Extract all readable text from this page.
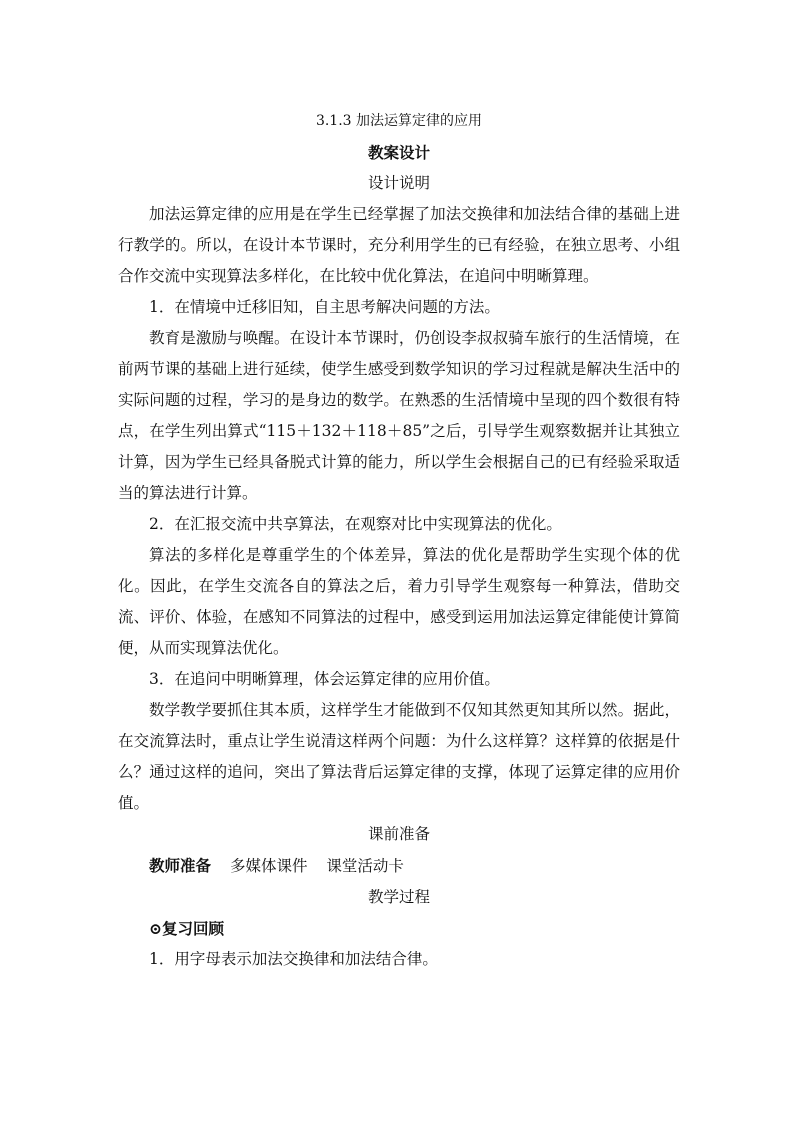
3.1.3 加法运算定律的应用
教案设计
设计说明

加法运算定律的应用是在学生已经掌握了加法交换律和加法结合律的基础上进行教学的。所以，在设计本节课时，充分利用学生的已有经验，在独立思考、小组合作交流中实现算法多样化，在比较中优化算法，在追问中明晰算理。

1．在情境中迁移旧知，自主思考解决问题的方法。

教育是激励与唤醒。在设计本节课时，仍创设李叔叔骑车旅行的生活情境，在前两节课的基础上进行延续，使学生感受到数学知识的学习过程就是解决生活中的实际问题的过程，学习的是身边的数学。在熟悉的生活情境中呈现的四个数很有特点，在学生列出算式“115＋132＋118＋85”之后，引导学生观察数据并让其独立计算，因为学生已经具备脱式计算的能力，所以学生会根据自己的已有经验采取适当的算法进行计算。

2．在汇报交流中共享算法，在观察对比中实现算法的优化。

算法的多样化是尊重学生的个体差异，算法的优化是帮助学生实现个体的优化。因此，在学生交流各自的算法之后，着力引导学生观察每一种算法，借助交流、评价、体验，在感知不同算法的过程中，感受到运用加法运算定律能使计算简便，从而实现算法优化。

3．在追问中明晰算理，体会运算定律的应用价值。

数学教学要抓住其本质，这样学生才能做到不仅知其然更知其所以然。据此，在交流算法时，重点让学生说清这样两个问题：为什么这样算？这样算的依据是什么？通过这样的追问，突出了算法背后运算定律的支撑，体现了运算定律的应用价值。

课前准备
教师准备 多媒体课件 课堂活动卡
教学过程

⊙复习回顾

1．用字母表示加法交换律和加法结合律。
